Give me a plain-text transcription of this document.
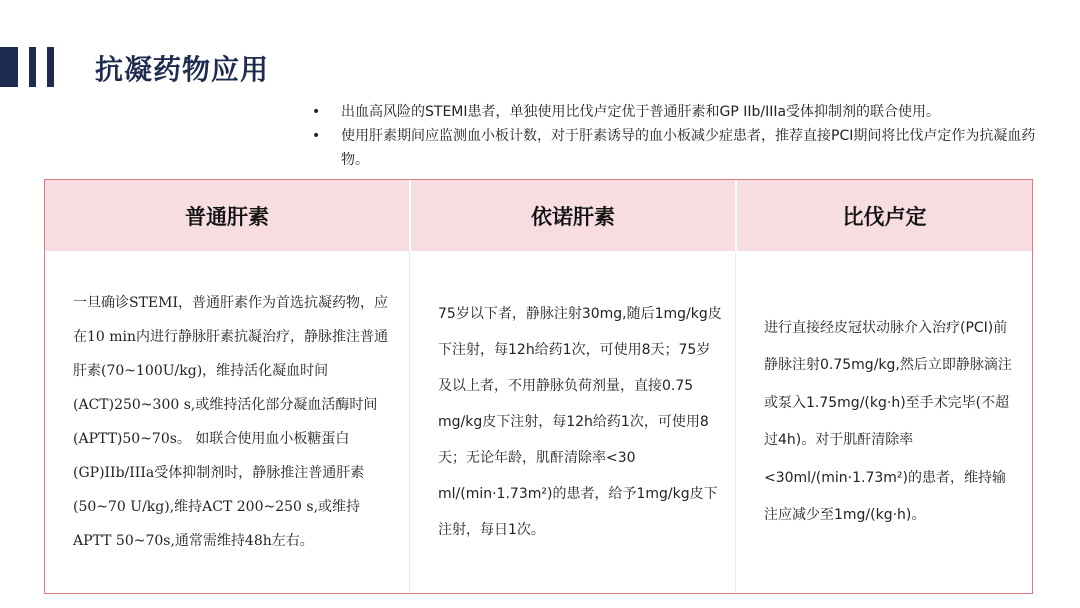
抗凝药物应用
• 出血高风险的STEMI患者，单独使用比伐卢定优于普通肝素和GP IIb/IIIa受体抑制剂的联合使用。
• 使用肝素期间应监测血小板计数，对于肝素诱导的血小板减少症患者，推荐直接PCI期间将比伐卢定作为抗凝血药物。
普通肝素	依诺肝素	比伐卢定

一旦确诊STEMI，普通肝素作为首选抗凝药物，应在10 min内进行静脉肝素抗凝治疗，静脉推注普通肝素(70~100U/kg)，维持活化凝血时间(ACT)250~300 s,或维持活化部分凝血活酶时间(APTT)50~70s。 如联合使用血小板糖蛋白(GP)IIb/IIIa受体抑制剂时，静脉推注普通肝素(50~70 U/kg),维持ACT 200~250 s,或维持APTT 50~70s,通常需维持48h左右。

75岁以下者，静脉注射30mg,随后1mg/kg皮下注射，每12h给药1次，可使用8天；75岁及以上者，不用静脉负荷剂量，直接0.75 mg/kg皮下注射，每12h给药1次，可使用8天；无论年龄，肌酐清除率<30 ml/(min·1.73m²)的患者，给予1mg/kg皮下注射，每日1次。

进行直接经皮冠状动脉介入治疗(PCI)前静脉注射0.75mg/kg,然后立即静脉滴注或泵入1.75mg/(kg·h)至手术完毕(不超过4h)。对于肌酐清除率<30ml/(min·1.73m²)的患者，维持输注应减少至1mg/(kg·h)。
